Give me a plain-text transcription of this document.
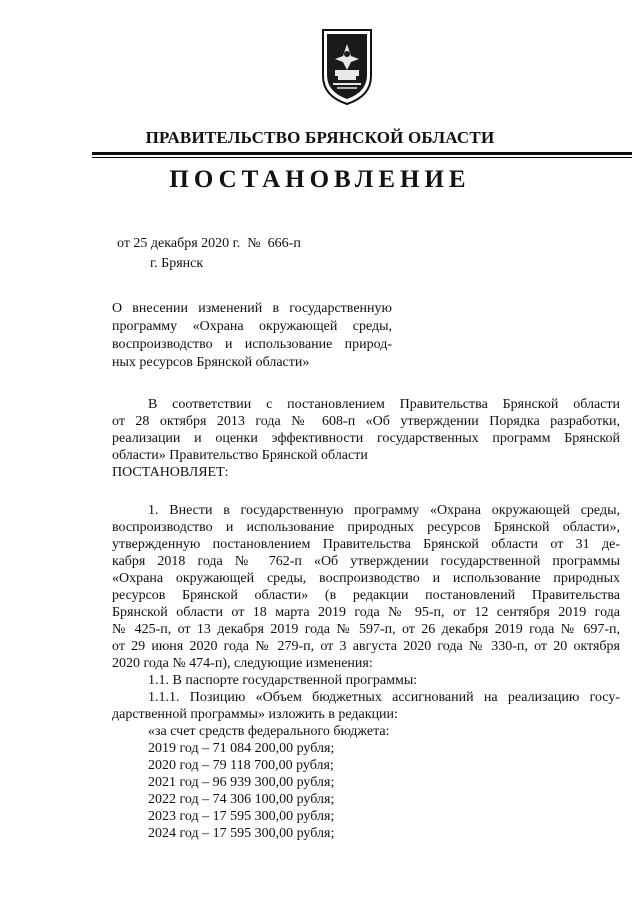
ПРАВИТЕЛЬСТВО БРЯНСКОЙ ОБЛАСТИ
ПОСТАНОВЛЕНИЕ
от 25 декабря 2020 г.  №  666-п
г. Брянск
О внесении изменений в государственную
программу «Охрана окружающей среды,
воспроизводство и использование природ-
ных ресурсов Брянской области»
В соответствии с постановлением Правительства Брянской области
от 28 октября 2013 года № 608-п «Об утверждении Порядка разработки,
реализации и оценки эффективности государственных программ Брянской
области» Правительство Брянской области
ПОСТАНОВЛЯЕТ:
1. Внести в государственную программу «Охрана окружающей среды,
воспроизводство и использование природных ресурсов Брянской области»,
утвержденную постановлением Правительства Брянской области от 31 де-
кабря 2018 года № 762-п «Об утверждении государственной программы
«Охрана окружающей среды, воспроизводство и использование природных
ресурсов Брянской области» (в редакции постановлений Правительства
Брянской области от 18 марта 2019 года № 95-п, от 12 сентября 2019 года
№ 425-п, от 13 декабря 2019 года № 597-п, от 26 декабря 2019 года № 697-п,
от 29 июня 2020 года № 279-п, от 3 августа 2020 года № 330-п, от 20 октября
2020 года № 474-п), следующие изменения:
1.1. В паспорте государственной программы:
1.1.1. Позицию «Объем бюджетных ассигнований на реализацию госу-
дарственной программы» изложить в редакции:
«за счет средств федерального бюджета:
2019 год – 71 084 200,00 рубля;
2020 год – 79 118 700,00 рубля;
2021 год – 96 939 300,00 рубля;
2022 год – 74 306 100,00 рубля;
2023 год – 17 595 300,00 рубля;
2024 год – 17 595 300,00 рубля;
